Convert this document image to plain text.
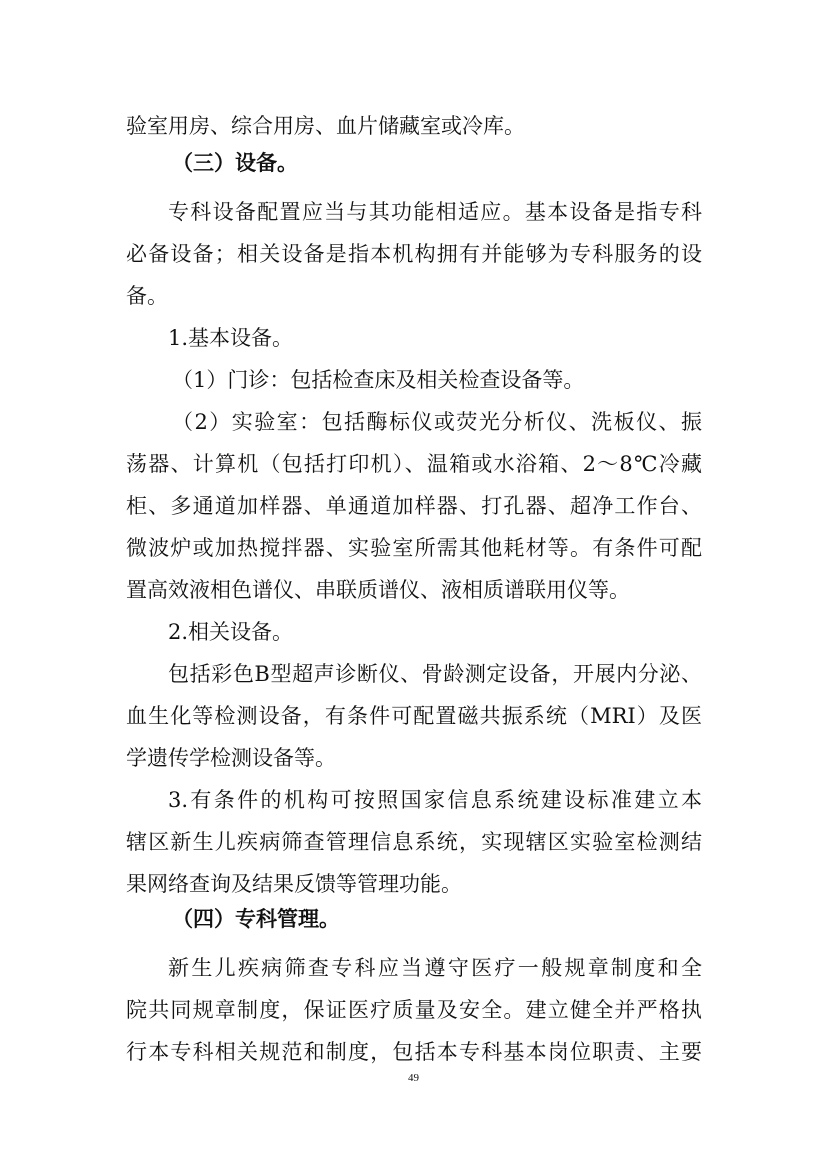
验室用房、综合用房、血片储藏室或冷库。
（三）设备。
专科设备配置应当与其功能相适应。基本设备是指专科
必备设备；相关设备是指本机构拥有并能够为专科服务的设
备。
1.基本设备。
（1）门诊：包括检查床及相关检查设备等。
（2）实验室：包括酶标仪或荧光分析仪、洗板仪、振
荡器、计算机（包括打印机）、温箱或水浴箱、2～8℃冷藏
柜、多通道加样器、单通道加样器、打孔器、超净工作台、
微波炉或加热搅拌器、实验室所需其他耗材等。有条件可配
置高效液相色谱仪、串联质谱仪、液相质谱联用仪等。
2.相关设备。
包括彩色B型超声诊断仪、骨龄测定设备，开展内分泌、
血生化等检测设备，有条件可配置磁共振系统（MRI）及医
学遗传学检测设备等。
3.有条件的机构可按照国家信息系统建设标准建立本
辖区新生儿疾病筛查管理信息系统，实现辖区实验室检测结
果网络查询及结果反馈等管理功能。
（四）专科管理。
新生儿疾病筛查专科应当遵守医疗一般规章制度和全
院共同规章制度，保证医疗质量及安全。建立健全并严格执
行本专科相关规范和制度，包括本专科基本岗位职责、主要
49
